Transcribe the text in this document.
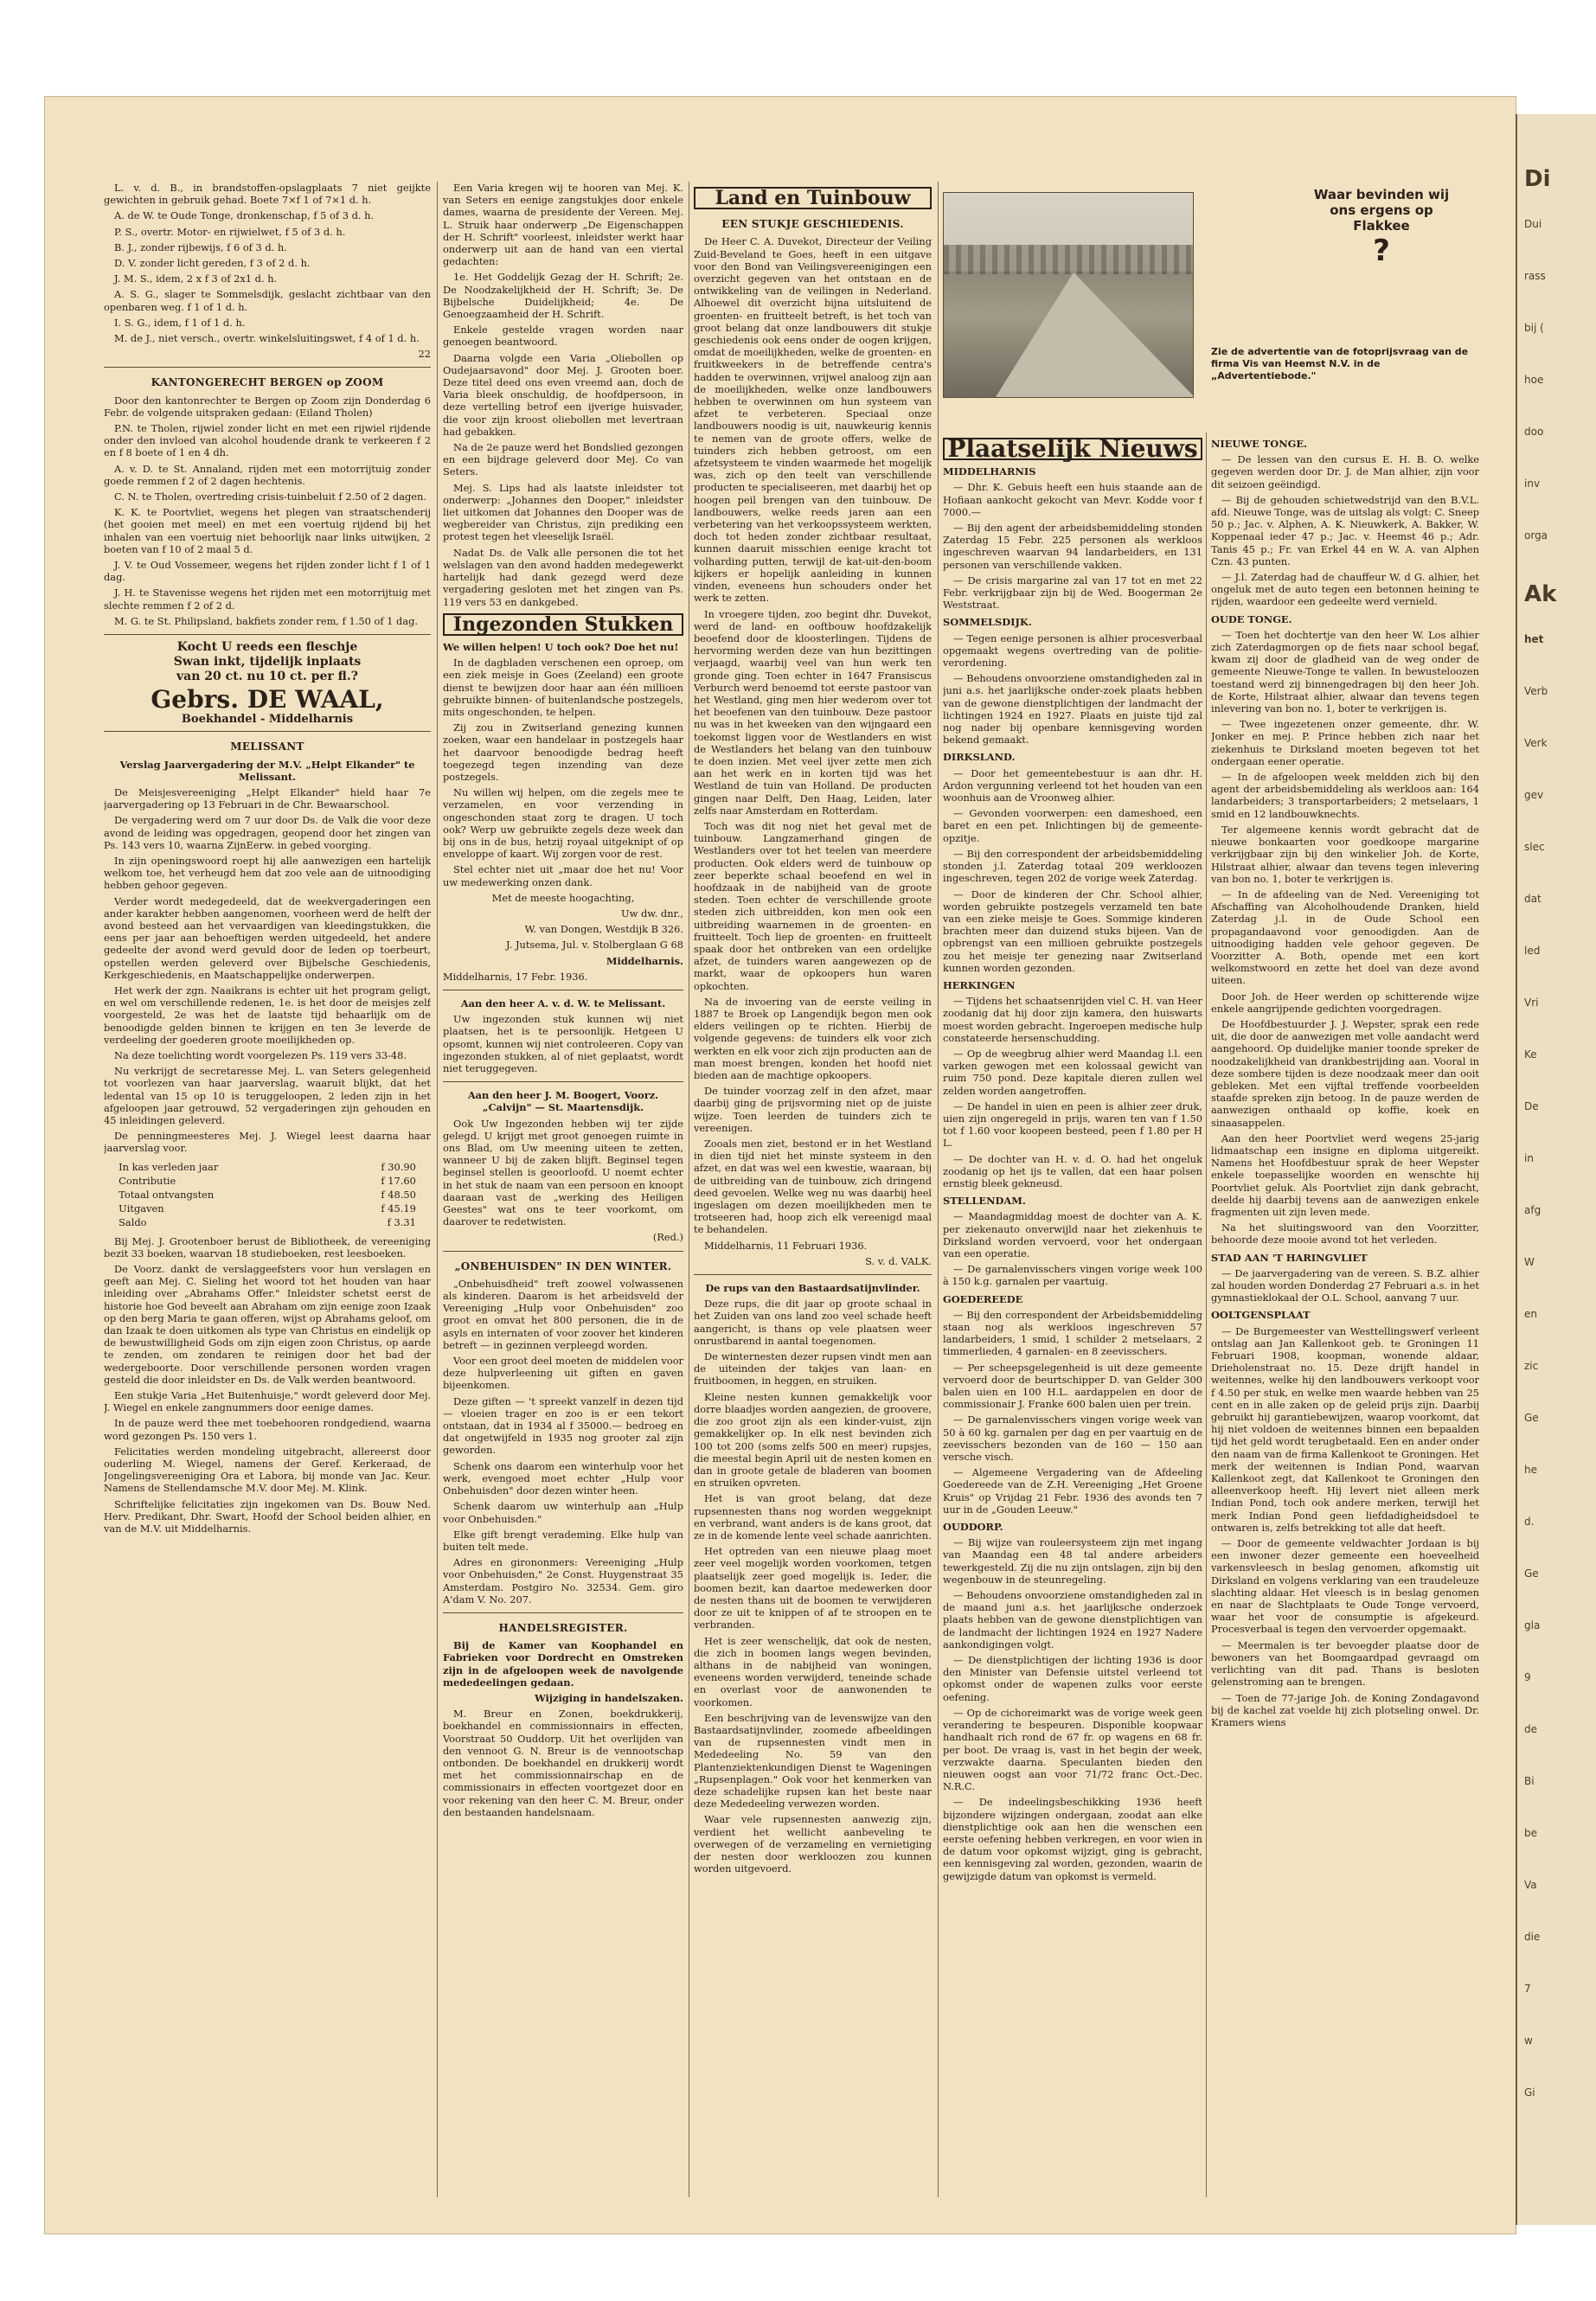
Di
Dui
rass
bij (
hoe
doo
inv
orga
Ak
het
Verb
Verk
gev
slec
dat
led
Vri
Ke
De
in
afg
W
en
zic
Ge
he
d.
Ge
gla
9
de
Bi
be
Va
die
7
w
Gi

L. v. d. B., in brandstoffen-opslagplaats 7 niet geijkte gewichten in gebruik gehad. Boete 7×f 1 of 7×1 d. h.

A. de W. te Oude Tonge, dronkenschap, f 5 of 3 d. h.

P. S., overtr. Motor- en rijwielwet, f 5 of 3 d. h.

B. J., zonder rijbewijs, f 6 of 3 d. h.

D. V. zonder licht gereden, f 3 of 2 d. h.

J. M. S., idem, 2 x f 3 of 2x1 d. h.

A. S. G., slager te Sommelsdijk, geslacht zichtbaar van den openbaren weg. f 1 of 1 d. h.

I. S. G., idem, f 1 of 1 d. h.

M. de J., niet versch., overtr. winkelsluitingswet, f 4 of 1 d. h.

22
KANTONGERECHT BERGEN op ZOOM

Door den kantonrechter te Bergen op Zoom zijn Donderdag 6 Febr. de volgende uitspraken gedaan: (Eiland Tholen)

P.N. te Tholen, rijwiel zonder licht en met een rijwiel rijdende onder den invloed van alcohol houdende drank te verkeeren f 2 en f 8 boete of 1 en 4 dh.

A. v. D. te St. Annaland, rijden met een motorrijtuig zonder goede remmen f 2 of 2 dagen hechtenis.

C. N. te Tholen, overtreding crisis-tuinbeluit f 2.50 of 2 dagen.

K. K. te Poortvliet, wegens het plegen van straatschenderij (het gooien met meel) en met een voertuig rijdend bij het inhalen van een voertuig niet behoorlijk naar links uitwijken, 2 boeten van f 10 of 2 maal 5 d.

J. V. te Oud Vossemeer, wegens het rijden zonder licht f 1 of 1 dag.

J. H. te Stavenisse wegens het rijden met een motorrijtuig met slechte remmen f 2 of 2 d.

M. G. te St. Philipsland, bakfiets zonder rem, f 1.50 of 1 dag.

Kocht U reeds een fleschje
Swan inkt, tijdelijk inplaats
van 20 ct. nu 10 ct. per fl.?
Gebrs. DE WAAL,
Boekhandel - Middelharnis
MELISSANT

Verslag Jaarvergadering der M.V. „Helpt Elkander" te Melissant.

De Meisjesvereeniging „Helpt Elkander" hield haar 7e jaarvergadering op 13 Februari in de Chr. Bewaarschool.

De vergadering werd om 7 uur door Ds. de Valk die voor deze avond de leiding was opgedragen, geopend door het zingen van Ps. 143 vers 10, waarna ZijnEerw. in gebed voorging.

In zijn openingswoord roept hij alle aanwezigen een hartelijk welkom toe, het verheugd hem dat zoo vele aan de uitnoodiging hebben gehoor gegeven.

Verder wordt medegedeeld, dat de weekvergaderingen een ander karakter hebben aangenomen, voorheen werd de helft der avond besteed aan het vervaardigen van kleedingstukken, die eens per jaar aan behoeftigen werden uitgedeeld, het andere gedeelte der avond werd gevuld door de leden op toerbeurt, opstellen werden geleverd over Bijbelsche Geschiedenis, Kerkgeschiedenis, en Maatschappelijke onderwerpen.

Het werk der zgn. Naaikrans is echter uit het program geligt, en wel om verschillende redenen, 1e. is het door de meisjes zelf voorgesteld, 2e was het de laatste tijd behaarlijk om de benoodigde gelden binnen te krijgen en ten 3e leverde de verdeeling der goederen groote moeilijkheden op.

Na deze toelichting wordt voorgelezen Ps. 119 vers 33-48.

Nu verkrijgt de secretaresse Mej. L. van Seters gelegenheid tot voorlezen van haar jaarverslag, waaruit blijkt, dat het ledental van 15 op 10 is teruggeloopen, 2 leden zijn in het afgeloopen jaar getrouwd, 52 vergaderingen zijn gehouden en 45 inleidingen geleverd.

De penningmeesteres Mej. J. Wiegel leest daarna haar jaarverslag voor.

In kas verleden jaar	f 30.90
Contributie	f 17.60
Totaal ontvangsten	f 48.50
Uitgaven	f 45.19
Saldo	f 3.31

Bij Mej. J. Grootenboer berust de Bibliotheek, de vereeniging bezit 33 boeken, waarvan 18 studieboeken, rest leesboeken.

De Voorz. dankt de verslaggeefsters voor hun verslagen en geeft aan Mej. C. Sieling het woord tot het houden van haar inleiding over „Abrahams Offer." Inleidster schetst eerst de historie hoe God beveelt aan Abraham om zijn eenige zoon Izaak op den berg Maria te gaan offeren, wijst op Abrahams geloof, om dan Izaak te doen uitkomen als type van Christus en eindelijk op de bewustwilligheid Gods om zijn eigen zoon Christus, op aarde te zenden, om zondaren te reinigen door het bad der wedergeboorte. Door verschillende personen worden vragen gesteld die door inleidster en Ds. de Valk werden beantwoord.

Een stukje Varia „Het Buitenhuisje," wordt geleverd door Mej. J. Wiegel en enkele zangnummers door eenige dames.

In de pauze werd thee met toebehooren rondgediend, waarna word gezongen Ps. 150 vers 1.

Felicitaties werden mondeling uitgebracht, allereerst door ouderling M. Wiegel, namens der Geref. Kerkeraad, de Jongelingsvereeniging Ora et Labora, bij monde van Jac. Keur. Namens de Stellendamsche M.V. door Mej. M. Klink.

Schriftelijke felicitaties zijn ingekomen van Ds. Bouw Ned. Herv. Predikant, Dhr. Swart, Hoofd der School beiden alhier, en van de M.V. uit Middelharnis.

Een Varia kregen wij te hooren van Mej. K. van Seters en eenige zangstukjes door enkele dames, waarna de presidente der Vereen. Mej. L. Struik haar onderwerp „De Eigenschappen der H. Schrift" voorleest, inleidster werkt haar onderwerp uit aan de hand van een viertal gedachten:

1e. Het Goddelijk Gezag der H. Schrift; 2e. De Noodzakelijkheid der H. Schrift; 3e. De Bijbelsche Duidelijkheid; 4e. De Genoegzaamheid der H. Schrift.

Enkele gestelde vragen worden naar genoegen beantwoord.

Daarna volgde een Varia „Oliebollen op Oudejaarsavond" door Mej. J. Grooten boer. Deze titel deed ons even vreemd aan, doch de Varia bleek onschuldig, de hoofdpersoon, in deze vertelling betrof een ijverige huisvader, die voor zijn kroost oliebollen met levertraan had gebakken.

Na de 2e pauze werd het Bondslied gezongen en een bijdrage geleverd door Mej. Co van Seters.

Mej. S. Lips had als laatste inleidster tot onderwerp: „Johannes den Dooper," inleidster liet uitkomen dat Johannes den Dooper was de wegbereider van Christus, zijn prediking een protest tegen het vleeselijk Israël.

Nadat Ds. de Valk alle personen die tot het welslagen van den avond hadden medegewerkt hartelijk had dank gezegd werd deze vergadering gesloten met het zingen van Ps. 119 vers 53 en dankgebed.

Ingezonden Stukken

We willen helpen! U toch ook? Doe het nu!

In de dagbladen verschenen een oproep, om een ziek meisje in Goes (Zeeland) een groote dienst te bewijzen door haar aan één millioen gebruikte binnen- of buitenlandsche postzegels, mits ongeschonden, te helpen.

Zij zou in Zwitserland genezing kunnen zoeken, waar een handelaar in postzegels haar het daarvoor benoodigde bedrag heeft toegezegd tegen inzending van deze postzegels.

Nu willen wij helpen, om die zegels mee te verzamelen, en voor verzending in ongeschonden staat zorg te dragen. U toch ook? Werp uw gebruikte zegels deze week dan bij ons in de bus, hetzij royaal uitgeknipt of op enveloppe of kaart. Wij zorgen voor de rest.

Stel echter niet uit „maar doe het nu! Voor uw medewerking onzen dank.

Met de meeste hoogachting,

Uw dw. dnr.,
W. van Dongen, Westdijk B 326.
J. Jutsema, Jul. v. Stolberglaan G 68
Middelharnis.

Middelharnis, 17 Febr. 1936.

Aan den heer A. v. d. W. te Melissant.

Uw ingezonden stuk kunnen wij niet plaatsen, het is te persoonlijk. Hetgeen U opsomt, kunnen wij niet controleeren. Copy van ingezonden stukken, al of niet geplaatst, wordt niet teruggegeven.

Aan den heer J. M. Boogert, Voorz. „Calvijn" — St. Maartensdijk.

Ook Uw Ingezonden hebben wij ter zijde gelegd. U krijgt met groot genoegen ruimte in ons Blad, om Uw meening uiteen te zetten, wanneer U bij de zaken blijft. Beginsel tegen beginsel stellen is geoorloofd. U noemt echter in het stuk de naam van een persoon en knoopt daaraan vast de „werking des Heiligen Geestes" wat ons te teer voorkomt, om daarover te redetwisten.

(Red.)
„ONBEHUISDEN" IN DEN WINTER.

„Onbehuisdheid" treft zoowel volwassenen als kinderen. Daarom is het arbeidsveld der Vereeniging „Hulp voor Onbehuisden" zoo groot en omvat het 800 personen, die in de asyls en internaten of voor zoover het kinderen betreft — in gezinnen verpleegd worden.

Voor een groot deel moeten de middelen voor deze hulpverleening uit giften en gaven bijeenkomen.

Deze giften — 't spreekt vanzelf in dezen tijd — vloeien trager en zoo is er een tekort ontstaan, dat in 1934 al f 35000.— bedroeg en dat ongetwijfeld in 1935 nog grooter zal zijn geworden.

Schenk ons daarom een winterhulp voor het werk, evengoed moet echter „Hulp voor Onbehuisden" door dezen winter heen.

Schenk daarom uw winterhulp aan „Hulp voor Onbehuisden."

Elke gift brengt verademing. Elke hulp van buiten telt mede.

Adres en girononmers: Vereeniging „Hulp voor Onbehuisden," 2e Const. Huygenstraat 35 Amsterdam. Postgiro No. 32534. Gem. giro A'dam V. No. 207.

HANDELSREGISTER.

Bij de Kamer van Koophandel en Fabrieken voor Dordrecht en Omstreken zijn in de afgeloopen week de navolgende mededeelingen gedaan.

Wijziging in handelszaken.

M. Breur en Zonen, boekdrukkerij, boekhandel en commissionnairs in effecten, Voorstraat 50 Ouddorp. Uit het overlijden van den vennoot G. N. Breur is de vennootschap ontbonden. De boekhandel en drukkerij wordt met het commissionnairschap en de commissionairs in effecten voortgezet door en voor rekening van den heer C. M. Breur, onder den bestaanden handelsnaam.

Land en Tuinbouw
EEN STUKJE GESCHIEDENIS.

De Heer C. A. Duvekot, Directeur der Veiling Zuid-Beveland te Goes, heeft in een uitgave voor den Bond van Veilingsvereenigingen een overzicht gegeven van het ontstaan en de ontwikkeling van de veilingen in Nederland. Alhoewel dit overzicht bijna uitsluitend de groenten- en fruitteelt betreft, is het toch van groot belang dat onze landbouwers dit stukje geschiedenis ook eens onder de oogen krijgen, omdat de moeilijkheden, welke de groenten- en fruitkweekers in de betreffende centra's hadden te overwinnen, vrijwel analoog zijn aan de moeilijkheden, welke onze landbouwers hebben te overwinnen om hun systeem van afzet te verbeteren. Speciaal onze landbouwers noodig is uit, nauwkeurig kennis te nemen van de groote offers, welke de tuinders zich hebben getroost, om een afzetsysteem te vinden waarmede het mogelijk was, zich op den teelt van verschillende producten te specialiseeren, met daarbij het op hoogen peil brengen van den tuinbouw. De landbouwers, welke reeds jaren aan een verbetering van het verkoopssysteem werkten, doch tot heden zonder zichtbaar resultaat, kunnen daaruit misschien eenige kracht tot volharding putten, terwijl de kat-uit-den-boom kijkers er hopelijk aanleiding in kunnen vinden, eveneens hun schouders onder het werk te zetten.

In vroegere tijden, zoo begint dhr. Duvekot, werd de land- en ooftbouw hoofdzakelijk beoefend door de kloosterlingen. Tijdens de hervorming werden deze van hun bezittingen verjaagd, waarbij veel van hun werk ten gronde ging. Toen echter in 1647 Fransiscus Verburch werd benoemd tot eerste pastoor van het Westland, ging men hier wederom over tot het beoefenen van den tuinbouw. Deze pastoor nu was in het kweeken van den wijngaard een toekomst liggen voor de Westlanders en wist de Westlanders het belang van den tuinbouw te doen inzien. Met veel ijver zette men zich aan het werk en in korten tijd was het Westland de tuin van Holland. De producten gingen naar Delft, Den Haag, Leiden, later zelfs naar Amsterdam en Rotterdam.

Toch was dit nog niet het geval met de tuinbouw. Langzamerhand gingen de Westlanders over tot het teelen van meerdere producten. Ook elders werd de tuinbouw op zeer beperkte schaal beoefend en wel in hoofdzaak in de nabijheid van de groote steden. Toen echter de verschillende groote steden zich uitbreidden, kon men ook een uitbreiding waarnemen in de groenten- en fruitteelt. Toch liep de groenten- en fruitteelt spaak door het ontbreken van een ordelijke afzet, de tuinders waren aangewezen op de markt, waar de opkoopers hun waren opkochten.

Na de invoering van de eerste veiling in 1887 te Broek op Langendijk begon men ook elders veilingen op te richten. Hierbij de volgende gegevens: de tuinders elk voor zich werkten en elk voor zich zijn producten aan de man moest brengen, konden het hoofd niet bieden aan de machtige opkoopers.

De tuinder voorzag zelf in den afzet, maar daarbij ging de prijsvorming niet op de juiste wijze. Toen leerden de tuinders zich te vereenigen.

Zooals men ziet, bestond er in het Westland in dien tijd niet het minste systeem in den afzet, en dat was wel een kwestie, waaraan, bij de uitbreiding van de tuinbouw, zich dringend deed gevoelen. Welke weg nu was daarbij heel ingeslagen om dezen moeilijkheden men te trotseeren had, hoop zich elk vereenigd maal te behandelen.

Middelharnis, 11 Februari 1936.

S. v. d. VALK.

De rups van den Bastaardsatijnvlinder.

Deze rups, die dit jaar op groote schaal in het Zuiden van ons land zoo veel schade heeft aangericht, is thans op vele plaatsen weer onrustbarend in aantal toegenomen.

De winternesten dezer rupsen vindt men aan de uiteinden der takjes van laan- en fruitboomen, in heggen, en struiken.

Kleine nesten kunnen gemakkelijk voor dorre blaadjes worden aangezien, de groovere, die zoo groot zijn als een kinder-vuist, zijn gemakkelijker op. In elk nest bevinden zich 100 tot 200 (soms zelfs 500 en meer) rupsjes, die meestal begin April uit de nesten komen en dan in groote getale de bladeren van boomen en struiken opvreten.

Het is van groot belang, dat deze rupsennesten thans nog worden weggeknipt en verbrand, want anders is de kans groot, dat ze in de komende lente veel schade aanrichten.

Het optreden van een nieuwe plaag moet zeer veel mogelijk worden voorkomen, tetgen plaatselijk zeer goed mogelijk is. Ieder, die boomen bezit, kan daartoe medewerken door de nesten thans uit de boomen te verwijderen door ze uit te knippen of af te stroopen en te verbranden.

Het is zeer wenschelijk, dat ook de nesten, die zich in boomen langs wegen bevinden, althans in de nabijheid van woningen, eveneens worden verwijderd, teneinde schade en overlast voor de aanwonenden te voorkomen.

Een beschrijving van de levenswijze van den Bastaardsatijnvlinder, zoomede afbeeldingen van de rupsennesten vindt men in Mededeeling No. 59 van den Plantenziektenkundigen Dienst te Wageningen „Rupsenplagen." Ook voor het kenmerken van deze schadelijke rupsen kan het beste naar deze Mededeeling verwezen worden.

Waar vele rupsennesten aanwezig zijn, verdient het wellicht aanbeveling te overwegen of de verzameling en vernietiging der nesten door werkloozen zou kunnen worden uitgevoerd.

Waar bevinden wij
ons ergens op
Flakkee
?
Zie de advertentie van de fotoprijsvraag van de firma Vis van Heemst N.V. in de „Advertentiebode."
Plaatselijk Nieuws
MIDDELHARNIS

— Dhr. K. Gebuis heeft een huis staande aan de Hofiaan aankocht gekocht van Mevr. Kodde voor f 7000.—

— Bij den agent der arbeidsbemiddeling stonden Zaterdag 15 Febr. 225 personen als werkloos ingeschreven waarvan 94 landarbeiders, en 131 personen van verschillende vakken.

— De crisis margarine zal van 17 tot en met 22 Febr. verkrijgbaar zijn bij de Wed. Boogerman 2e Weststraat.

SOMMELSDIJK.

— Tegen eenige personen is alhier procesverbaal opgemaakt wegens overtreding van de politie-verordening.

— Behoudens onvoorziene omstandigheden zal in juni a.s. het jaarlijksche onder-zoek plaats hebben van de gewone dienstplichtigen der landmacht der lichtingen 1924 en 1927. Plaats en juiste tijd zal nog nader bij openbare kennisgeving worden bekend gemaakt.

DIRKSLAND.

— Door het gemeentebestuur is aan dhr. H. Ardon vergunning verleend tot het houden van een woonhuis aan de Vroonweg alhier.

— Gevonden voorwerpen: een dameshoed, een baret en een pet. Inlichtingen bij de gemeente-opzitje.

— Bij den correspondent der arbeidsbemiddeling stonden j.l. Zaterdag totaal 209 werkloozen ingeschreven, tegen 202 de vorige week Zaterdag.

— Door de kinderen der Chr. School alhier, worden gebruikte postzegels verzameld ten bate van een zieke meisje te Goes. Sommige kinderen brachten meer dan duizend stuks bijeen. Van de opbrengst van een millioen gebruikte postzegels zou het meisje ter genezing naar Zwitserland kunnen worden gezonden.

HERKINGEN

— Tijdens het schaatsenrijden viel C. H. van Heer zoodanig dat hij door zijn kamera, den huiswarts moest worden gebracht. Ingeroepen medische hulp constateerde hersenschudding.

— Op de weegbrug alhier werd Maandag l.l. een varken gewogen met een kolossaal gewicht van ruim 750 pond. Deze kapitale dieren zullen wel zelden worden aangetroffen.

— De handel in uien en peen is alhier zeer druk, uien zijn ongeregeld in prijs, waren ten van f 1.50 tot f 1.60 voor koopeen besteed, peen f 1.80 per H L.

— De dochter van H. v. d. O. had het ongeluk zoodanig op het ijs te vallen, dat een haar polsen ernstig bleek gekneusd.

STELLENDAM.

— Maandagmiddag moest de dochter van A. K. per ziekenauto onverwijld naar het ziekenhuis te Dirksland worden vervoerd, voor het ondergaan van een operatie.

— De garnalenvisschers vingen vorige week 100 à 150 k.g. garnalen per vaartuig.

GOEDEREEDE

— Bij den correspondent der Arbeidsbemiddeling staan nog als werkloos ingeschreven 57 landarbeiders, 1 smid, 1 schilder 2 metselaars, 2 timmerlieden, 4 garnalen- en 8 zeevisschers.

— Per scheepsgelegenheid is uit deze gemeente vervoerd door de beurtschipper D. van Gelder 300 balen uien en 100 H.L. aardappelen en door de commissionair J. Franke 600 balen uien per trein.

— De garnalenvisschers vingen vorige week van 50 à 60 kg. garnalen per dag en per vaartuig en de zeevisschers bezonden van de 160 — 150 aan versche visch.

— Algemeene Vergadering van de Afdeeling Goedereede van de Z.H. Vereeniging „Het Groene Kruis" op Vrijdag 21 Febr. 1936 des avonds ten 7 uur in de „Gouden Leeuw."

OUDDORP.

— Bij wijze van rouleersysteem zijn met ingang van Maandag een 48 tal andere arbeiders tewerkgesteld. Zij die nu zijn ontslagen, zijn bij den wegenbouw in de steunregeling.

— Behoudens onvoorziene omstandigheden zal in de maand juni a.s. het jaarlijksche onderzoek plaats hebben van de gewone dienstplichtigen van de landmacht der lichtingen 1924 en 1927 Nadere aankondigingen volgt.

— De dienstplichtigen der lichting 1936 is door den Minister van Defensie uitstel verleend tot opkomst onder de wapenen zulks voor eerste oefening.

— Op de cichoreimarkt was de vorige week geen verandering te bespeuren. Disponible koopwaar handhaalt rich rond de 67 fr. op wagens en 68 fr. per boot. De vraag is, vast in het begin der week, verzwakte daarna. Speculanten bieden den nieuwen oogst aan voor 71/72 franc Oct.-Dec. N.R.C.

— De indeelingsbeschikking 1936 heeft bijzondere wijzingen ondergaan, zoodat aan elke dienstplichtige ook aan hen die wenschen een eerste oefening hebben verkregen, en voor wien in de datum voor opkomst wijzigt, ging is gebracht, een kennisgeving zal worden, gezonden, waarin de gewijzigde datum van opkomst is vermeld.

NIEUWE TONGE.

— De lessen van den cursus E. H. B. O. welke gegeven werden door Dr. J. de Man alhier, zijn voor dit seizoen geëindigd.

— Bij de gehouden schietwedstrijd van den B.V.L. afd. Nieuwe Tonge, was de uitslag als volgt: C. Sneep 50 p.; Jac. v. Alphen, A. K. Nieuwkerk, A. Bakker, W. Koppenaal ieder 47 p.; Jac. v. Heemst 46 p.; Adr. Tanis 45 p.; Fr. van Erkel 44 en W. A. van Alphen Czn. 43 punten.

— J.l. Zaterdag had de chauffeur W. d G. alhier, het ongeluk met de auto tegen een betonnen heining te rijden, waardoor een gedeelte werd vernield.

OUDE TONGE.

— Toen het dochtertje van den heer W. Los alhier zich Zaterdagmorgen op de fiets naar school begaf, kwam zij door de gladheid van de weg onder de gemeente Nieuwe-Tonge te vallen. In bewusteloozen toestand werd zij binnengedragen bij den heer Joh. de Korte, Hilstraat alhier, alwaar dan tevens tegen inlevering van bon no. 1, boter te verkrijgen is.

— Twee ingezetenen onzer gemeente, dhr. W. Jonker en mej. P. Prince hebben zich naar het ziekenhuis te Dirksland moeten begeven tot het ondergaan eener operatie.

— In de afgeloopen week meldden zich bij den agent der arbeidsbemiddeling als werkloos aan: 164 landarbeiders; 3 transportarbeiders; 2 metselaars, 1 smid en 12 landbouwknechts.

Ter algemeene kennis wordt gebracht dat de nieuwe bonkaarten voor goedkoope margarine verkrijgbaar zijn bij den winkelier Joh. de Korte, Hilstraat alhier, alwaar dan tevens tegen inlevering van bon no. 1, boter te verkrijgen is.

— In de afdeeling van de Ned. Vereeniging tot Afschaffing van Alcoholhoudende Dranken, hield Zaterdag j.l. in de Oude School een propagandaavond voor genoodigden. Aan de uitnoodiging hadden vele gehoor gegeven. De Voorzitter A. Both, opende met een kort welkomstwoord en zette het doel van deze avond uiteen.

Door Joh. de Heer werden op schitterende wijze enkele aangrijpende gedichten voorgedragen.

De Hoofdbestuurder J. J. Wepster, sprak een rede uit, die door de aanwezigen met volle aandacht werd aangehoord. Op duidelijke manier toonde spreker de noodzakelijkheid van drankbestrijding aan. Vooral in deze sombere tijden is deze noodzaak meer dan ooit gebleken. Met een vijftal treffende voorbeelden staafde spreken zijn betoog. In de pauze werden de aanwezigen onthaald op koffie, koek en sinaasappelen.

Aan den heer Poortvliet werd wegens 25-jarig lidmaatschap een insigne en diploma uitgereikt. Namens het Hoofdbestuur sprak de heer Wepster enkele toepasselijke woorden en wenschte hij Poortvliet geluk. Als Poortvliet zijn dank gebracht, deelde hij daarbij tevens aan de aanwezigen enkele fragmenten uit zijn leven mede.

Na het sluitingswoord van den Voorzitter, behoorde deze mooie avond tot het verleden.

STAD AAN 'T HARINGVLIET

— De jaarvergadering van de vereen. S. B.Z. alhier zal houden worden Donderdag 27 Februari a.s. in het gymnastieklokaal der O.L. School, aanvang 7 uur.

OOLTGENSPLAAT

— De Burgemeester van Westtellingswerf verleent ontslag aan Jan Kallenkoot geb. te Groningen 11 Februari 1908, koopman, wonende aldaar, Drieholenstraat no. 15. Deze drijft handel in weitennes, welke hij den landbouwers verkoopt voor f 4.50 per stuk, en welke men waarde hebben van 25 cent en in alle zaken op de geleid prijs zijn. Daarbij gebruikt hij garantiebewijzen, waarop voorkomt, dat hij niet voldoen de weitennes binnen een bepaalden tijd het geld wordt terugbetaald. Een en ander onder den naam van de firma Kallenkoot te Groningen. Het merk der weitennen is Indian Pond, waarvan Kallenkoot zegt, dat Kallenkoot te Groningen den alleenverkoop heeft. Hij levert niet alleen merk Indian Pond, toch ook andere merken, terwijl het merk Indian Pond geen liefdadigheidsdoel te ontwaren is, zelfs betrekking tot alle dat heeft.

— Door de gemeente veldwachter Jordaan is bij een inwoner dezer gemeente een hoeveelheid varkensvleesch in beslag genomen, afkomstig uit Dirksland en volgens verklaring van een traudeleuze slachting aldaar. Het vleesch is in beslag genomen en naar de Slachtplaats te Oude Tonge vervoerd, waar het voor de consumptie is afgekeurd. Procesverbaal is tegen den vervoerder opgemaakt.

— Meermalen is ter bevoegder plaatse door de bewoners van het Boomgaardpad gevraagd om verlichting van dit pad. Thans is besloten gelenstroming aan te brengen.

— Toen de 77-jarige Joh. de Koning Zondagavond bij de kachel zat voelde hij zich plotseling onwel. Dr. Kramers wiens
